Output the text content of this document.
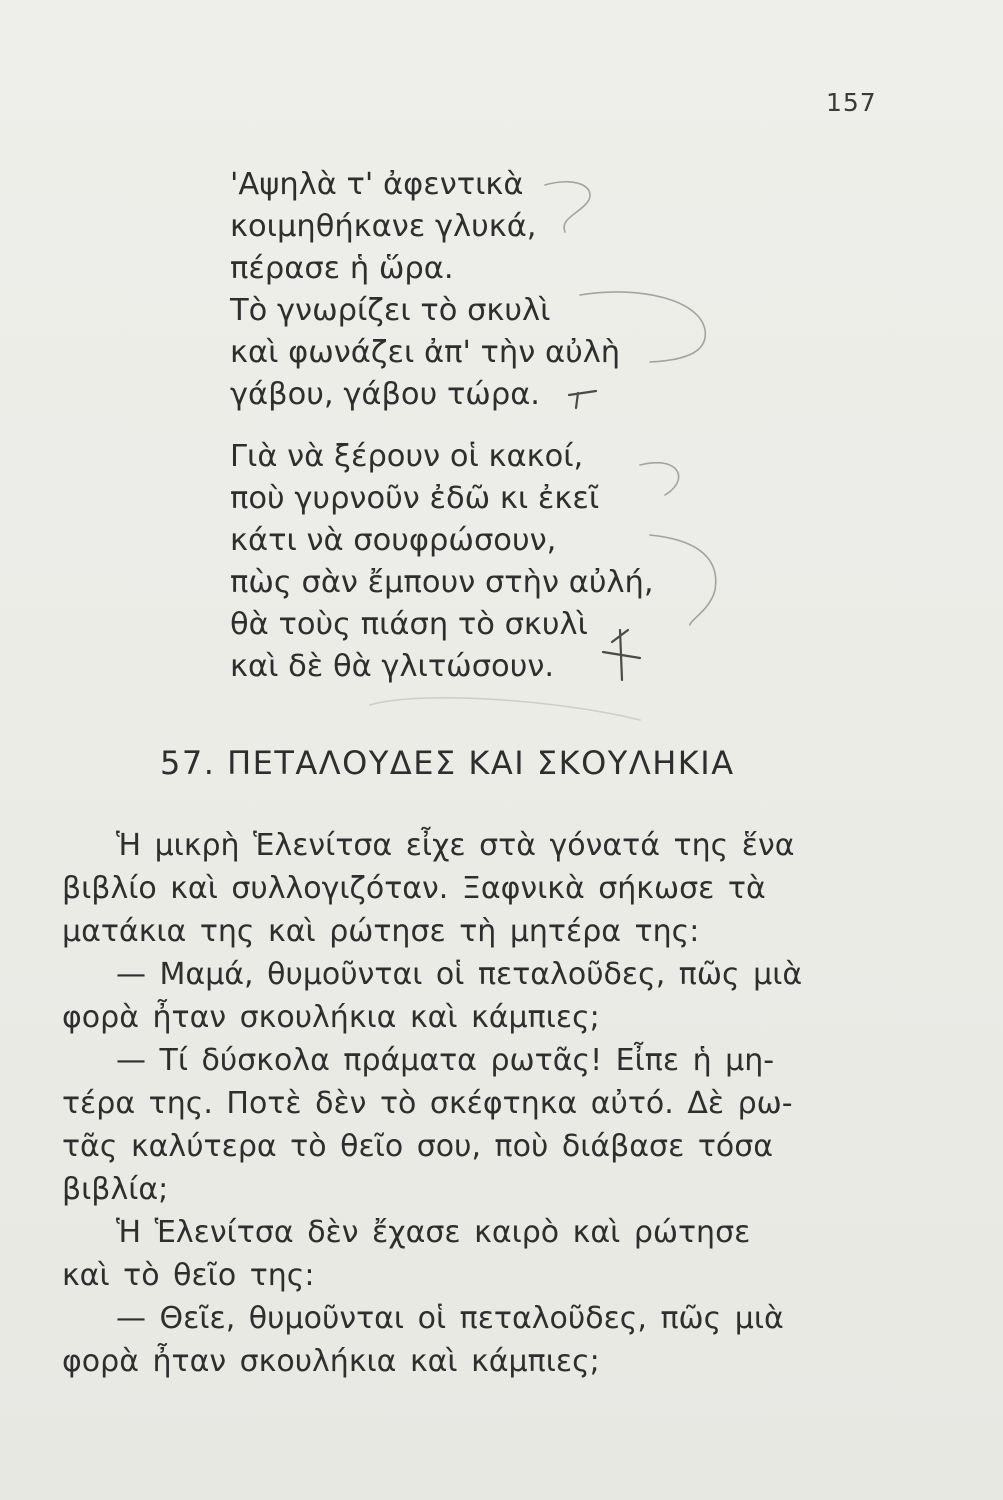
157
'Αψηλὰ τ' ἀφεντικὰ
κοιμηθήκανε γλυκά,
πέρασε ἡ ὥρα.
Τὸ γνωρίζει τὸ σκυλὶ
καὶ φωνάζει ἀπ' τὴν αὐλὴ
γάβου, γάβου τώρα.
Γιὰ νὰ ξέρουν οἱ κακοί,
ποὺ γυρνοῦν ἐδῶ κι ἐκεῖ
κάτι νὰ σουφρώσουν,
πὼς σὰν ἔμπουν στὴν αὐλή,
θὰ τοὺς πιάση τὸ σκυλὶ
καὶ δὲ θὰ γλιτώσουν.
57. ΠΕΤΑΛΟΥΔΕΣ ΚΑΙ ΣΚΟΥΛΗΚΙΑ
Ἡ μικρὴ Ἑλενίτσα εἶχε στὰ γόνατά της ἕνα
βιβλίο καὶ συλλογιζόταν. Ξαφνικὰ σήκωσε τὰ
ματάκια της καὶ ρώτησε τὴ μητέρα της:
— Μαμά, θυμοῦνται οἱ πεταλοῦδες, πῶς μιὰ
φορὰ ἦταν σκουλήκια καὶ κάμπιες;
— Τί δύσκολα πράματα ρωτᾶς! Εἶπε ἡ μη-
τέρα της. Ποτὲ δὲν τὸ σκέφτηκα αὐτό. Δὲ ρω-
τᾶς καλύτερα τὸ θεῖο σου, ποὺ διάβασε τόσα
βιβλία;
Ἡ Ἑλενίτσα δὲν ἔχασε καιρὸ καὶ ρώτησε
καὶ τὸ θεῖο της:
— Θεῖε, θυμοῦνται οἱ πεταλοῦδες, πῶς μιὰ
φορὰ ἦταν σκουλήκια καὶ κάμπιες;
